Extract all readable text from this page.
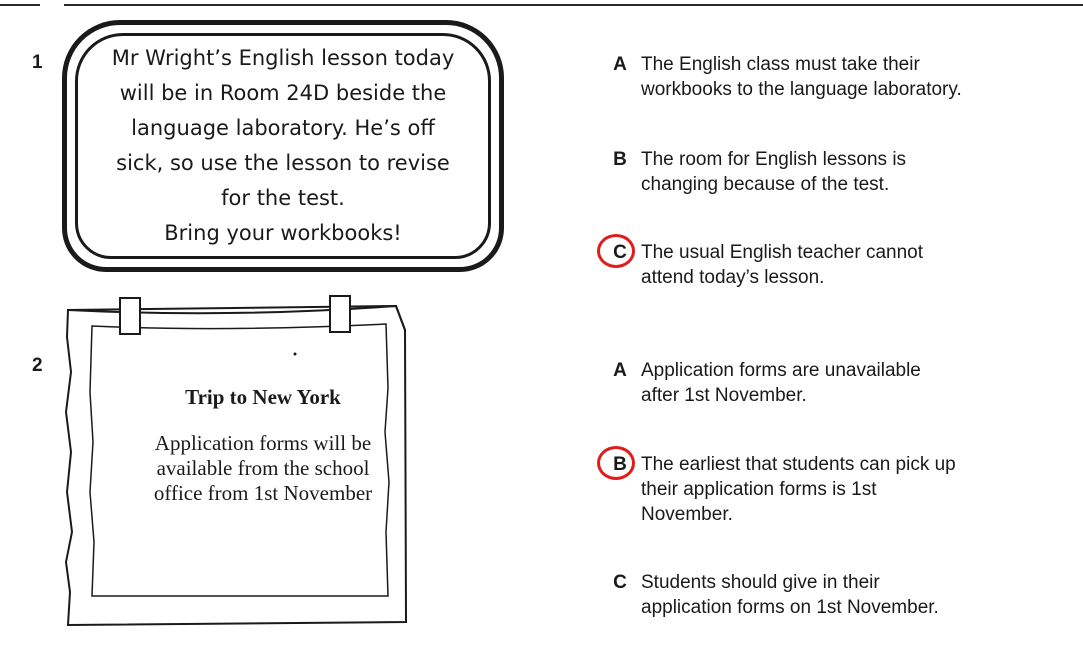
1	Mr Wright’s English lesson today
will be in Room 24D beside the
language laboratory. He’s off
sick, so use the lesson to revise
for the test.
Bring your workbooks!
A The English class must take their
workbooks to the language laboratory.
B The room for English lessons is
changing because of the test.
C The usual English teacher cannot
attend today’s lesson.
2
Trip to New York
Application forms will be
available from the school
office from 1st November
A Application forms are unavailable
after 1st November.
B The earliest that students can pick up
their application forms is 1st
November.
C Students should give in their
application forms on 1st November.
